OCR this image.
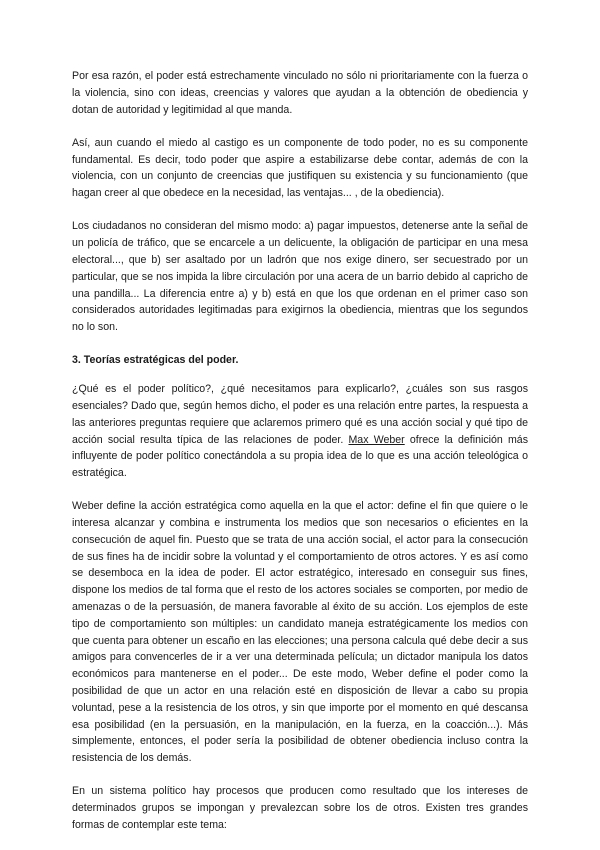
Por esa razón, el poder está estrechamente vinculado no sólo ni prioritariamente con la fuerza o la violencia, sino con ideas, creencias y valores que ayudan a la obtención de obediencia y dotan de autoridad y legitimidad al que manda.

Así, aun cuando el miedo al castigo es un componente de todo poder, no es su componente fundamental. Es decir, todo poder que aspire a estabilizarse debe contar, además de con la violencia, con un conjunto de creencias que justifiquen su existencia y su funcionamiento (que hagan creer al que obedece en la necesidad, las ventajas... , de la obediencia).

Los ciudadanos no consideran del mismo modo: a) pagar impuestos, detenerse ante la señal de un policía de tráfico, que se encarcele a un delicuente, la obligación de participar en una mesa electoral..., que b) ser asaltado por un ladrón que nos exige dinero, ser secuestrado por un particular, que se nos impida la libre circulación por una acera de un barrio debido al capricho de una pandilla... La diferencia entre a) y b) está en que los que ordenan en el primer caso son considerados autoridades legitimadas para exigirnos la obediencia, mientras que los segundos no lo son.

3. Teorías estratégicas del poder.

¿Qué es el poder político?, ¿qué necesitamos para explicarlo?, ¿cuáles son sus rasgos esenciales? Dado que, según hemos dicho, el poder es una relación entre partes, la respuesta a las anteriores preguntas requiere que aclaremos primero qué es una acción social y qué tipo de acción social resulta típica de las relaciones de poder. Max Weber ofrece la definición más influyente de poder político conectándola a su propia idea de lo que es una acción teleológica o estratégica.

Weber define la acción estratégica como aquella en la que el actor: define el fin que quiere o le interesa alcanzar y combina e instrumenta los medios que son necesarios o eficientes en la consecución de aquel fin. Puesto que se trata de una acción social, el actor para la consecución de sus fines ha de incidir sobre la voluntad y el comportamiento de otros actores. Y es así como se desemboca en la idea de poder. El actor estratégico, interesado en conseguir sus fines, dispone los medios de tal forma que el resto de los actores sociales se comporten, por medio de amenazas o de la persuasión, de manera favorable al éxito de su acción. Los ejemplos de este tipo de comportamiento son múltiples: un candidato maneja estratégicamente los medios con que cuenta para obtener un escaño en las elecciones; una persona calcula qué debe decir a sus amigos para convencerles de ir a ver una determinada película; un dictador manipula los datos económicos para mantenerse en el poder... De este modo, Weber define el poder como la posibilidad de que un actor en una relación esté en disposición de llevar a cabo su propia voluntad, pese a la resistencia de los otros, y sin que importe por el momento en qué descansa esa posibilidad (en la persuasión, en la manipulación, en la fuerza, en la coacción...). Más simplemente, entonces, el poder sería la posibilidad de obtener obediencia incluso contra la resistencia de los demás.

En un sistema político hay procesos que producen como resultado que los intereses de determinados grupos se impongan y prevalezcan sobre los de otros. Existen tres grandes formas de contemplar este tema:
